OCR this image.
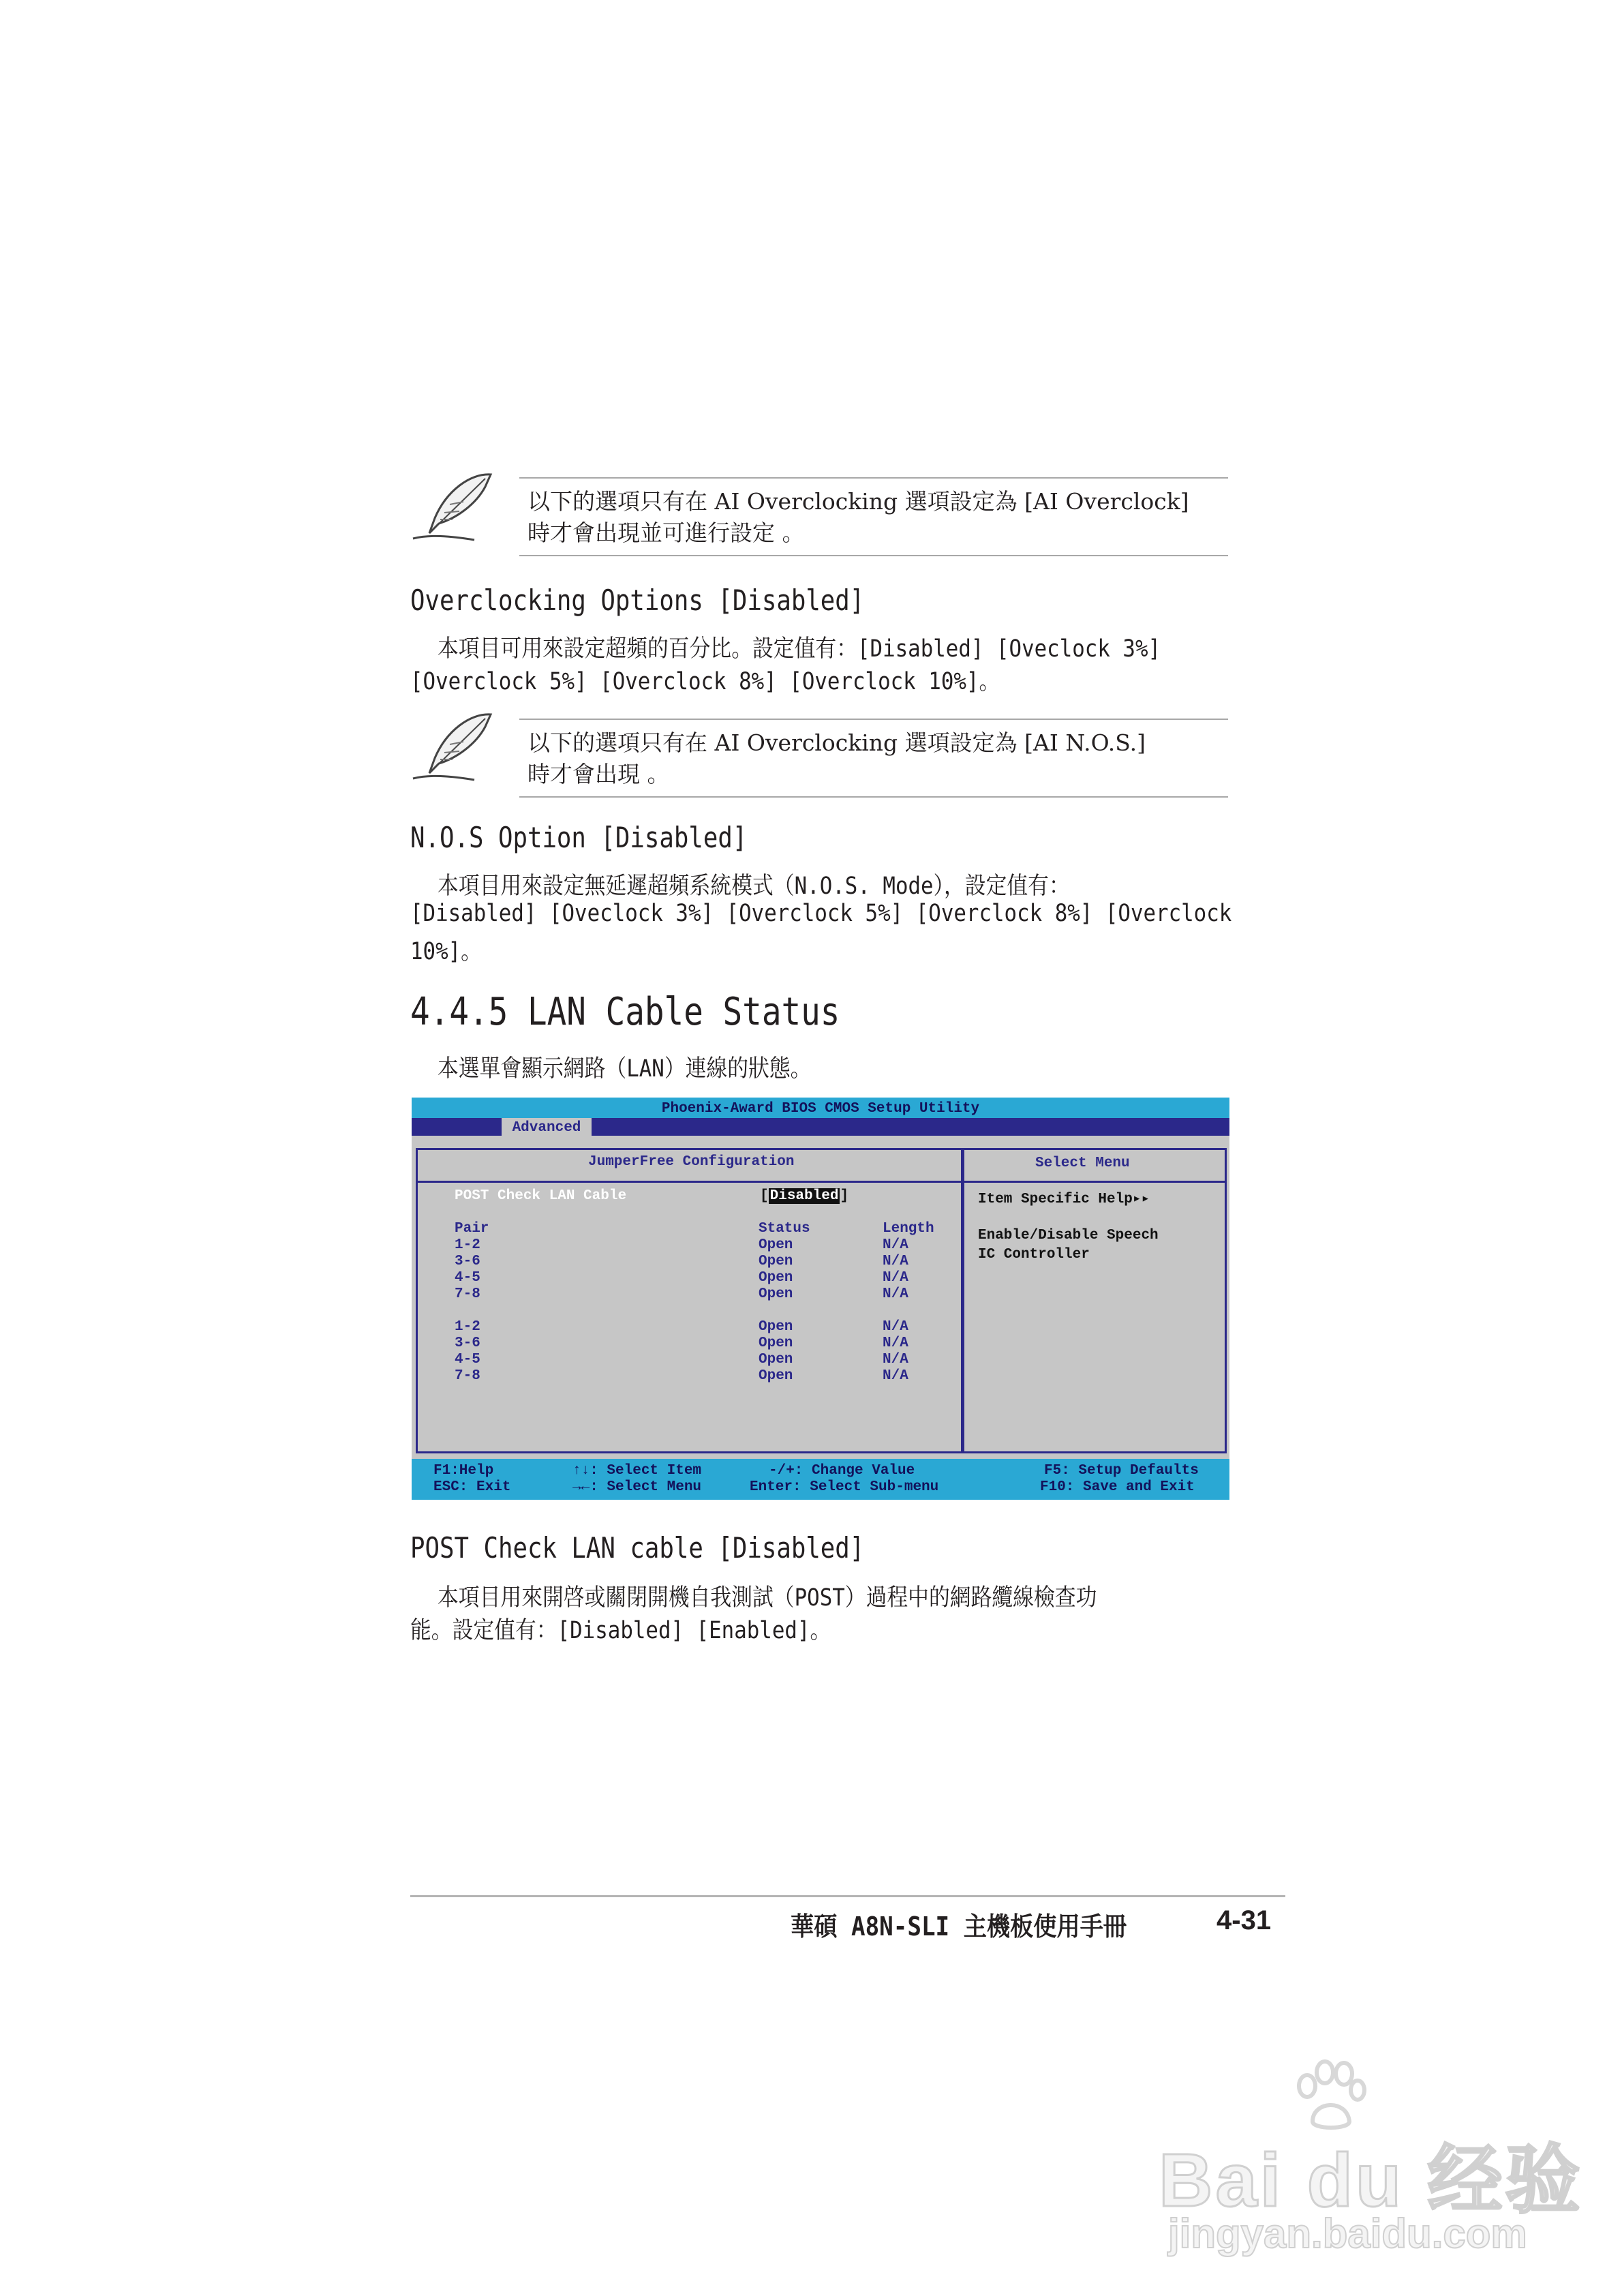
以下的選項只有在 AI Overclocking 選項設定為 [AI Overclock]
時才會出現並可進行設定 。
Overclocking Options [Disabled]
本項目可用來設定超頻的百分比。設定值有：[Disabled] [Oveclock 3%]
[Overclock 5%] [Overclock 8%] [Overclock 10%]。
以下的選項只有在 AI Overclocking 選項設定為 [AI N.O.S.]
時才會出現 。
N.O.S Option [Disabled]
本項目用來設定無延遲超頻系統模式（N.O.S. Mode），設定值有：
[Disabled] [Oveclock 3%] [Overclock 5%] [Overclock 8%] [Overclock
10%]。
4.4.5 LAN Cable Status
本選單會顯示網路（LAN）連線的狀態。
Phoenix-Award BIOS CMOS Setup Utility
Advanced
JumperFree Configuration
POST Check LAN Cable	[Disabled]
Pair	Status	Length
1-2	Open	N/A
3-6	Open	N/A
4-5	Open	N/A
7-8	Open	N/A
1-2	Open	N/A
3-6	Open	N/A
4-5	Open	N/A
7-8	Open	N/A
Select Menu
Item Specific Help▸▸
Enable/Disable Speech
IC Controller
F1:Help
ESC: Exit
↑↓: Select Item
→←: Select Menu
-/+: Change Value
Enter: Select Sub-menu
F5: Setup Defaults
F10: Save and Exit
POST Check LAN cable [Disabled]
本項目用來開啓或關閉開機自我測試（POST）過程中的網路纜線檢查功
能。設定值有：[Disabled] [Enabled]。
華碩 A8N-SLI 主機板使用手冊	4-31
Bai du 经验
jingyan.baidu.com
